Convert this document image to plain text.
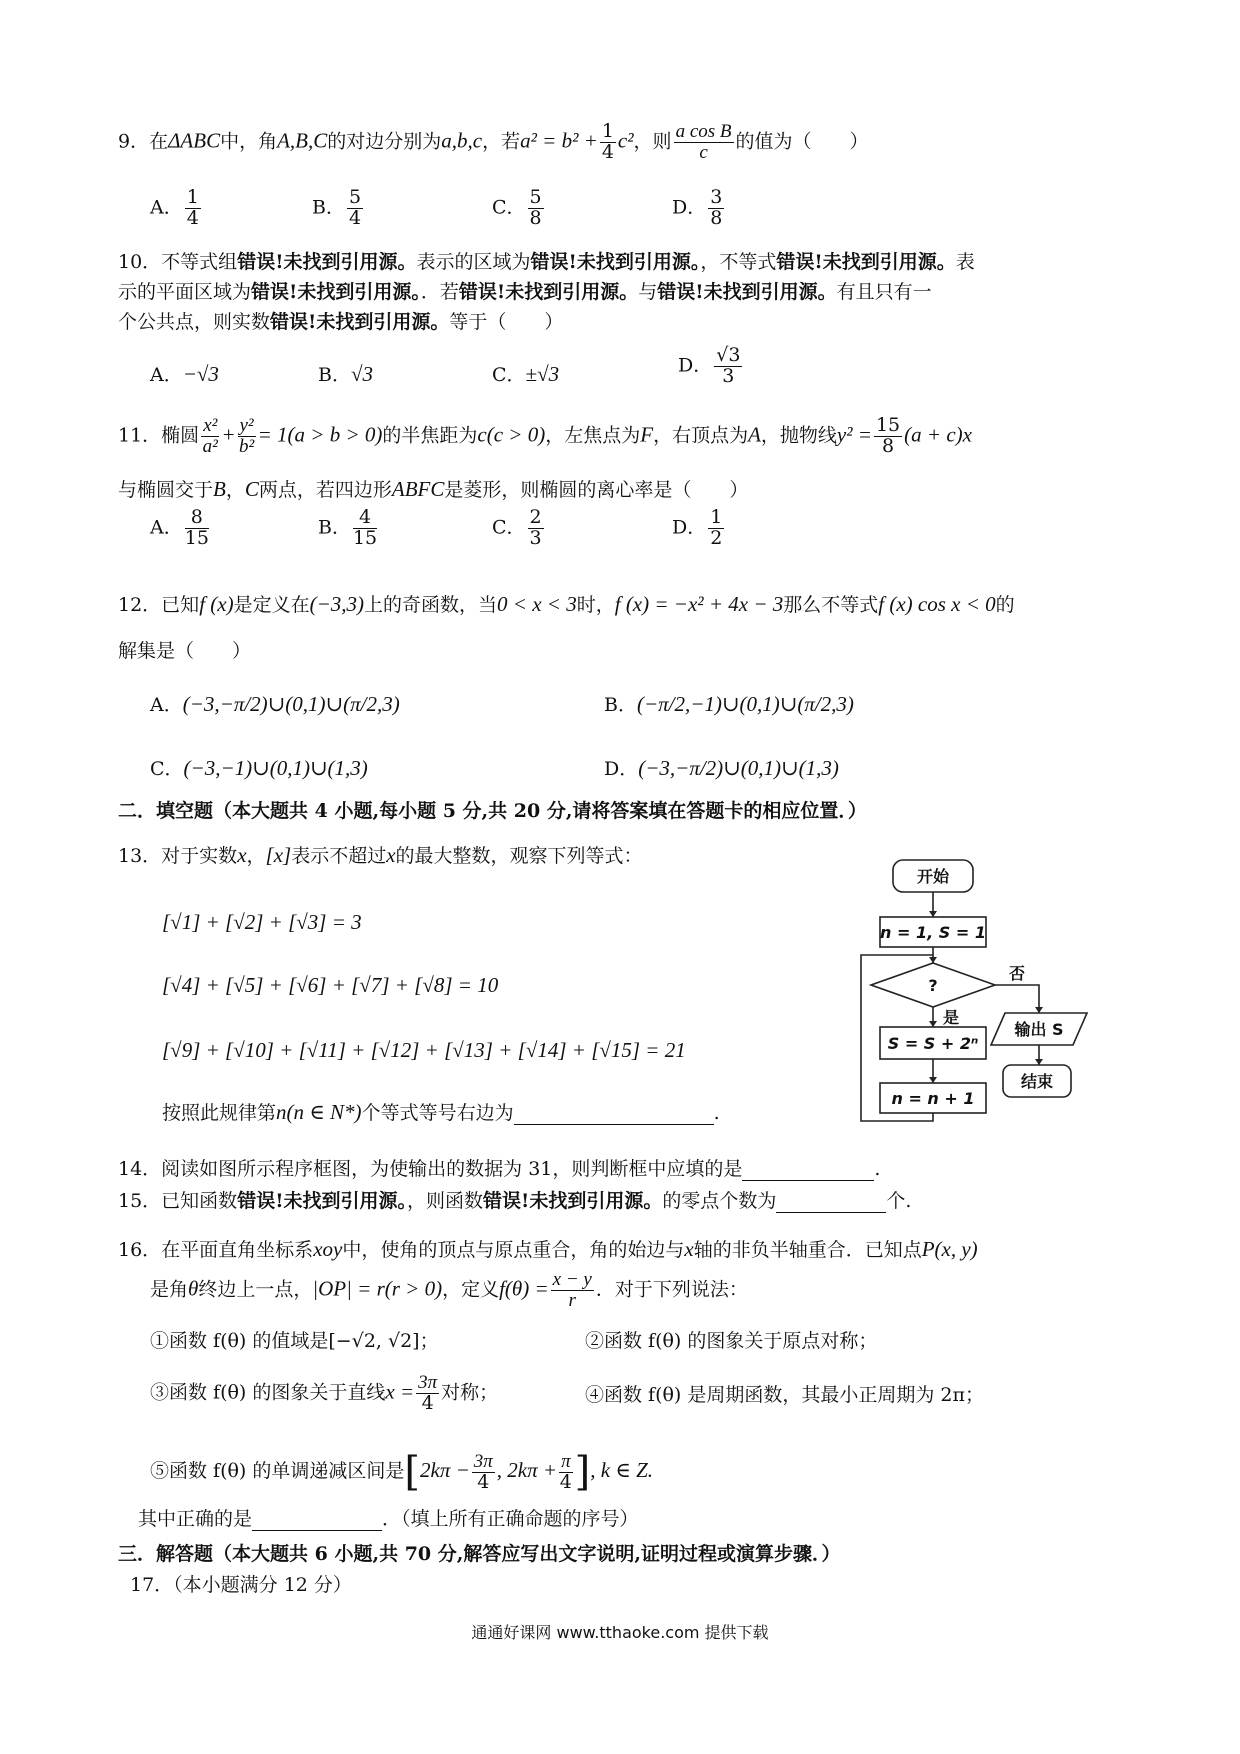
9．在ΔABC中，角A,B,C的对边分别为a,b,c，若$a^2 = b^2 + \frac{1}{4} c^2$，则 $\frac{\text{a cos B}}{c}$ 的值为（　　）
A． $\frac{1}{4}$	B． $\frac{5}{4}$	C． $\frac{5}{8}$	D． $\frac{3}{8}$
10．不等式组错误!未找到引用源。表示的区域为错误!未找到引用源。，不等式错误!未找到引用源。表
示的平面区域为错误!未找到引用源。．若错误!未找到引用源。与错误!未找到引用源。有且只有一
个公共点，则实数错误!未找到引用源。等于（　　）
A．−√3	B．√3	C．±√3	D． $\frac{√3}{3}$
11．椭圆 $\frac{\text{x²}}{\text{a²}} + \frac{\text{y²}}{\text{b²}} = 1(a > b > 0)$的半焦距为c(c > 0)，左焦点为F，右顶点为A，抛物线$y^2 = \frac{15}{8} (a + c)x$
与椭圆交于B，C两点，若四边形ABFC是菱形，则椭圆的离心率是（　　）
A． $\frac{8}{15}$	B． $\frac{4}{15}$	C． $\frac{2}{3}$	D． $\frac{1}{2}$
12．已知f (x)是定义在(−3,3)上的奇函数，当0 < x < 3时，f (x) = −x² + 4x − 3那么不等式f (x) cos x < 0的
解集是（　　）
A．(−3,−π/2)∪(0,1)∪(π/2,3)	B．(−π/2,−1)∪(0,1)∪(π/2,3)
C．(−3,−1)∪(0,1)∪(1,3)	D．(−3,−π/2)∪(0,1)∪(1,3)
二．填空题（本大题共 4 小题,每小题 5 分,共 20 分,请将答案填在答题卡的相应位置．）
13．对于实数x，[x]表示不超过x的最大整数，观察下列等式：
[√1] + [√2] + [√3] = 3
[√4] + [√5] + [√6] + [√7] + [√8] = 10
[√9] + [√10] + [√11] + [√12] + [√13] + [√14] + [√15] = 21
按照此规律第n(n ∈ N*)个等式等号右边为	.
开始
n = 1, S = 1
?
否
是
输出 S
S = S + 2ⁿ
结束
n = n + 1
14．阅读如图所示程序框图，为使输出的数据为 31，则判断框中应填的是	.
15．已知函数错误!未找到引用源。，则函数错误!未找到引用源。的零点个数为	个.
16．在平面直角坐标系xoy中，使角的顶点与原点重合，角的始边与x轴的非负半轴重合．已知点P(x, y)
是角θ终边上一点，|OP| = r(r > 0)，定义$f(\theta) = \frac{x - y}{r}$ ．对于下列说法：
①函数 f(θ) 的值域是[−√2, √2]；	②函数 f(θ) 的图象关于原点对称；
③函数 f(θ) 的图象关于直线$x = \frac{3\pi}{4}$ 对称；	④函数 f(θ) 是周期函数，其最小正周期为 2π；
⑤函数 f(θ) 的单调递减区间是[$2k\pi - \frac{3\pi}{4}$ , $2k\pi + \frac{\pi}{4}$ ], k ∈ Z.
其中正确的是	．（填上所有正确命题的序号）
三．解答题（本大题共 6 小题,共 70 分,解答应写出文字说明,证明过程或演算步骤．）
17．（本小题满分 12 分）
通通好课网 www.tthaoke.com 提供下载
